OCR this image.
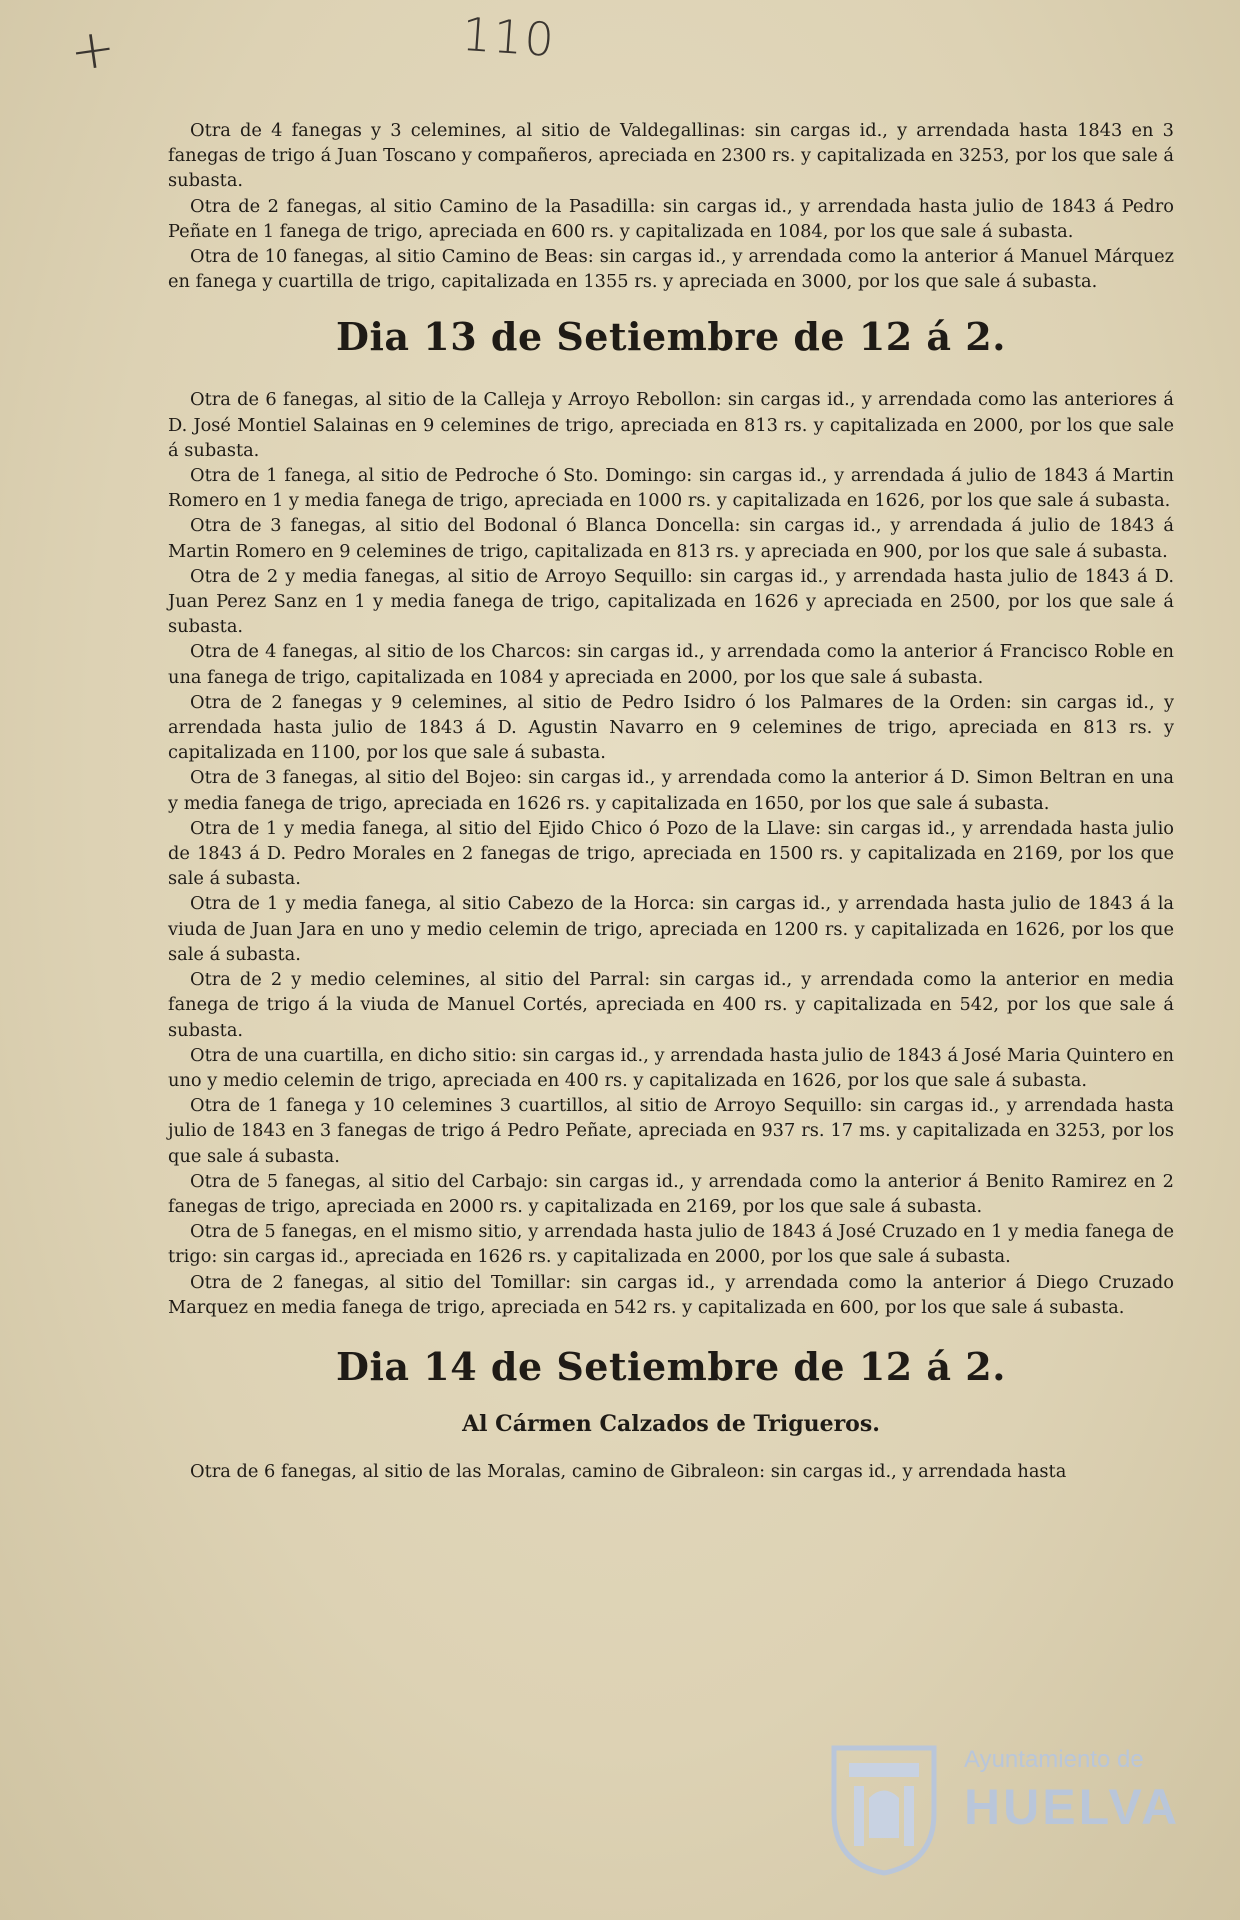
+	110

Otra de 4 fanegas y 3 celemines, al sitio de Valdegallinas: sin cargas id., y arrendada hasta 1843 en 3 fanegas de trigo á Juan Toscano y compañeros, apreciada en 2300 rs. y capitalizada en 3253, por los que sale á subasta.

Otra de 2 fanegas, al sitio Camino de la Pasadilla: sin cargas id., y arrendada hasta julio de 1843 á Pedro Peñate en 1 fanega de trigo, apreciada en 600 rs. y capitalizada en 1084, por los que sale á subasta.

Otra de 10 fanegas, al sitio Camino de Beas: sin cargas id., y arrendada como la anterior á Manuel Márquez en fanega y cuartilla de trigo, capitalizada en 1355 rs. y apreciada en 3000, por los que sale á subasta.

Dia 13 de Setiembre de 12 á 2.

Otra de 6 fanegas, al sitio de la Calleja y Arroyo Rebollon: sin cargas id., y arrendada como las anteriores á D. José Montiel Salainas en 9 celemines de trigo, apreciada en 813 rs. y capitalizada en 2000, por los que sale á subasta.

Otra de 1 fanega, al sitio de Pedroche ó Sto. Domingo: sin cargas id., y arrendada á julio de 1843 á Martin Romero en 1 y media fanega de trigo, apreciada en 1000 rs. y capitalizada en 1626, por los que sale á subasta.

Otra de 3 fanegas, al sitio del Bodonal ó Blanca Doncella: sin cargas id., y arrendada á julio de 1843 á Martin Romero en 9 celemines de trigo, capitalizada en 813 rs. y apreciada en 900, por los que sale á subasta.

Otra de 2 y media fanegas, al sitio de Arroyo Sequillo: sin cargas id., y arrendada hasta julio de 1843 á D. Juan Perez Sanz en 1 y media fanega de trigo, capitalizada en 1626 y apreciada en 2500, por los que sale á subasta.

Otra de 4 fanegas, al sitio de los Charcos: sin cargas id., y arrendada como la anterior á Francisco Roble en una fanega de trigo, capitalizada en 1084 y apreciada en 2000, por los que sale á subasta.

Otra de 2 fanegas y 9 celemines, al sitio de Pedro Isidro ó los Palmares de la Orden: sin cargas id., y arrendada hasta julio de 1843 á D. Agustin Navarro en 9 celemines de trigo, apreciada en 813 rs. y capitalizada en 1100, por los que sale á subasta.

Otra de 3 fanegas, al sitio del Bojeo: sin cargas id., y arrendada como la anterior á D. Simon Beltran en una y media fanega de trigo, apreciada en 1626 rs. y capitalizada en 1650, por los que sale á subasta.

Otra de 1 y media fanega, al sitio del Ejido Chico ó Pozo de la Llave: sin cargas id., y arrendada hasta julio de 1843 á D. Pedro Morales en 2 fanegas de trigo, apreciada en 1500 rs. y capitalizada en 2169, por los que sale á subasta.

Otra de 1 y media fanega, al sitio Cabezo de la Horca: sin cargas id., y arrendada hasta julio de 1843 á la viuda de Juan Jara en uno y medio celemin de trigo, apreciada en 1200 rs. y capitalizada en 1626, por los que sale á subasta.

Otra de 2 y medio celemines, al sitio del Parral: sin cargas id., y arrendada como la anterior en media fanega de trigo á la viuda de Manuel Cortés, apreciada en 400 rs. y capitalizada en 542, por los que sale á subasta.

Otra de una cuartilla, en dicho sitio: sin cargas id., y arrendada hasta julio de 1843 á José Maria Quintero en uno y medio celemin de trigo, apreciada en 400 rs. y capitalizada en 1626, por los que sale á subasta.

Otra de 1 fanega y 10 celemines 3 cuartillos, al sitio de Arroyo Sequillo: sin cargas id., y arrendada hasta julio de 1843 en 3 fanegas de trigo á Pedro Peñate, apreciada en 937 rs. 17 ms. y capitalizada en 3253, por los que sale á subasta.

Otra de 5 fanegas, al sitio del Carbajo: sin cargas id., y arrendada como la anterior á Benito Ramirez en 2 fanegas de trigo, apreciada en 2000 rs. y capitalizada en 2169, por los que sale á subasta.

Otra de 5 fanegas, en el mismo sitio, y arrendada hasta julio de 1843 á José Cruzado en 1 y media fanega de trigo: sin cargas id., apreciada en 1626 rs. y capitalizada en 2000, por los que sale á subasta.

Otra de 2 fanegas, al sitio del Tomillar: sin cargas id., y arrendada como la anterior á Diego Cruzado Marquez en media fanega de trigo, apreciada en 542 rs. y capitalizada en 600, por los que sale á subasta.

Dia 14 de Setiembre de 12 á 2.
Al Cármen Calzados de Trigueros.

Otra de 6 fanegas, al sitio de las Moralas, camino de Gibraleon: sin cargas id., y arrendada hasta

Ayuntamiento de
HUELVA
